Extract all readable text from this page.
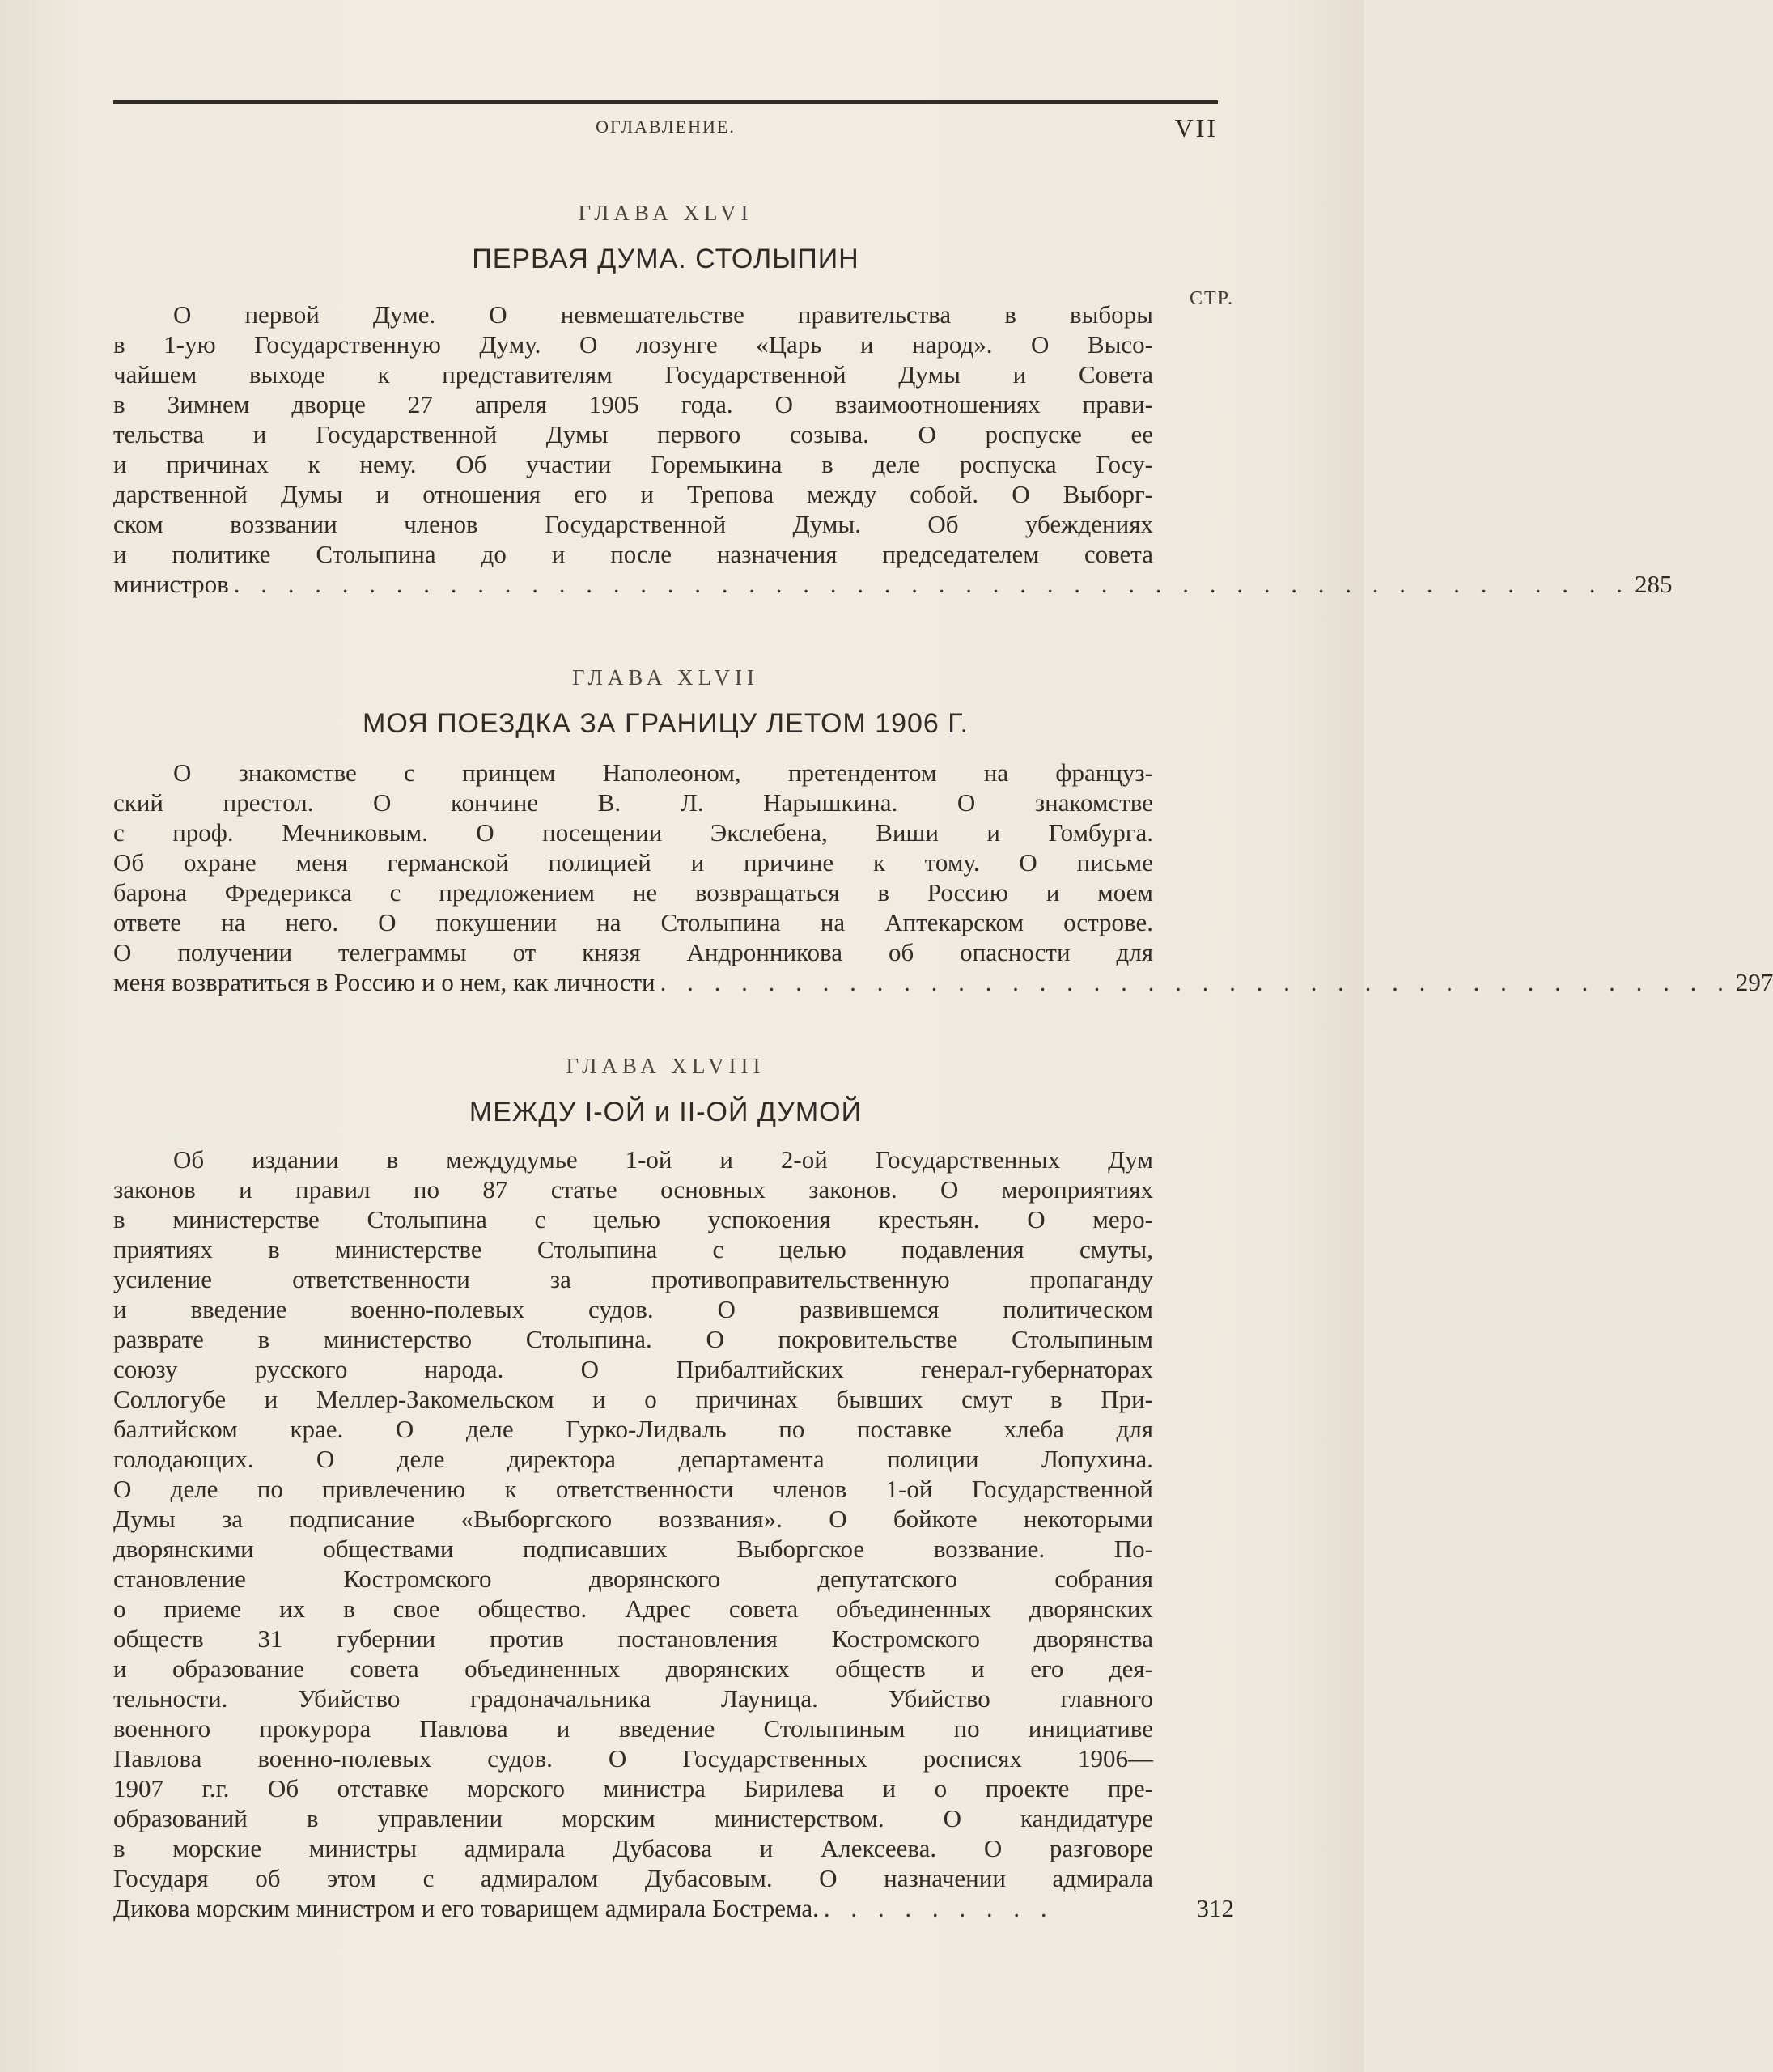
ОГЛАВЛЕНИЕ.	VII
ГЛАВА XLVI
ПЕРВАЯ ДУМА. СТОЛЫПИН
СТР.
О первой Думе. О невмешательстве правительства в выборы
в 1-ую Государственную Думу. О лозунге «Царь и народ». О Высо-
чайшем выходе к представителям Государственной Думы и Совета
в Зимнем дворце 27 апреля 1905 года. О взаимоотношениях прави-
тельства и Государственной Думы первого созыва. О роспуске ее
и причинах к нему. Об участии Горемыкина в деле роспуска Госу-
дарственной Думы и отношения его и Трепова между собой. О Выборг-
ском воззвании членов Государственной Думы. Об убеждениях
и политике Столыпина до и после назначения председателем совета
министров . . . . . . . . . . . . . . . . . . . . . . . . . . . . . . . . . . . . . . . . . . . . . . . . . . . . 285
ГЛАВА XLVII
МОЯ ПОЕЗДКА ЗА ГРАНИЦУ ЛЕТОМ 1906 Г.
О знакомстве с принцем Наполеоном, претендентом на француз-
ский престол. О кончине В. Л. Нарышкина. О знакомстве
с проф. Мечниковым. О посещении Экслебена, Виши и Гомбурга.
Об охране меня германской полицией и причине к тому. О письме
барона Фредерикса с предложением не возвращаться в Россию и моем
ответе на него. О покушении на Столыпина на Аптекарском острове.
О получении телеграммы от князя Андронникова об опасности для
меня возвратиться в Россию и о нем, как личности . . . . . . . . . . . . . . . . . . . . . . . . . . . . . . . . . . . . . . . . 297
ГЛАВА XLVIII
МЕЖДУ I-ОЙ и II-ОЙ ДУМОЙ
Об издании в междудумье 1-ой и 2-ой Государственных Дум
законов и правил по 87 статье основных законов. О мероприятиях
в министерстве Столыпина с целью успокоения крестьян. О меро-
приятиях в министерстве Столыпина с целью подавления смуты,
усиление ответственности за противоправительственную пропаганду
и введение военно-полевых судов. О развившемся политическом
разврате в министерство Столыпина. О покровительстве Столыпиным
союзу русского народа. О Прибалтийских генерал-губернаторах
Соллогубе и Меллер-Закомельском и о причинах бывших смут в При-
балтийском крае. О деле Гурко-Лидваль по поставке хлеба для
голодающих. О деле директора департамента полиции Лопухина.
О деле по привлечению к ответственности членов 1-ой Государственной
Думы за подписание «Выборгского воззвания». О бойкоте некоторыми
дворянскими обществами подписавших Выборгское воззвание. По-
становление Костромского дворянского депутатского собрания
о приеме их в свое общество. Адрес совета объединенных дворянских
обществ 31 губернии против постановления Костромского дворянства
и образование совета объединенных дворянских обществ и его дея-
тельности. Убийство градоначальника Лауница. Убийство главного
военного прокурора Павлова и введение Столыпиным по инициативе
Павлова военно-полевых судов. О Государственных росписях 1906—
1907 г.г. Об отставке морского министра Бирилева и о проекте пре-
образований в управлении морским министерством. О кандидатуре
в морские министры адмирала Дубасова и Алексеева. О разговоре
Государя об этом с адмиралом Дубасовым. О назначении адмирала
Дикова морским министром и его товарищем адмирала Бострема. . . . . . . . . .	312
